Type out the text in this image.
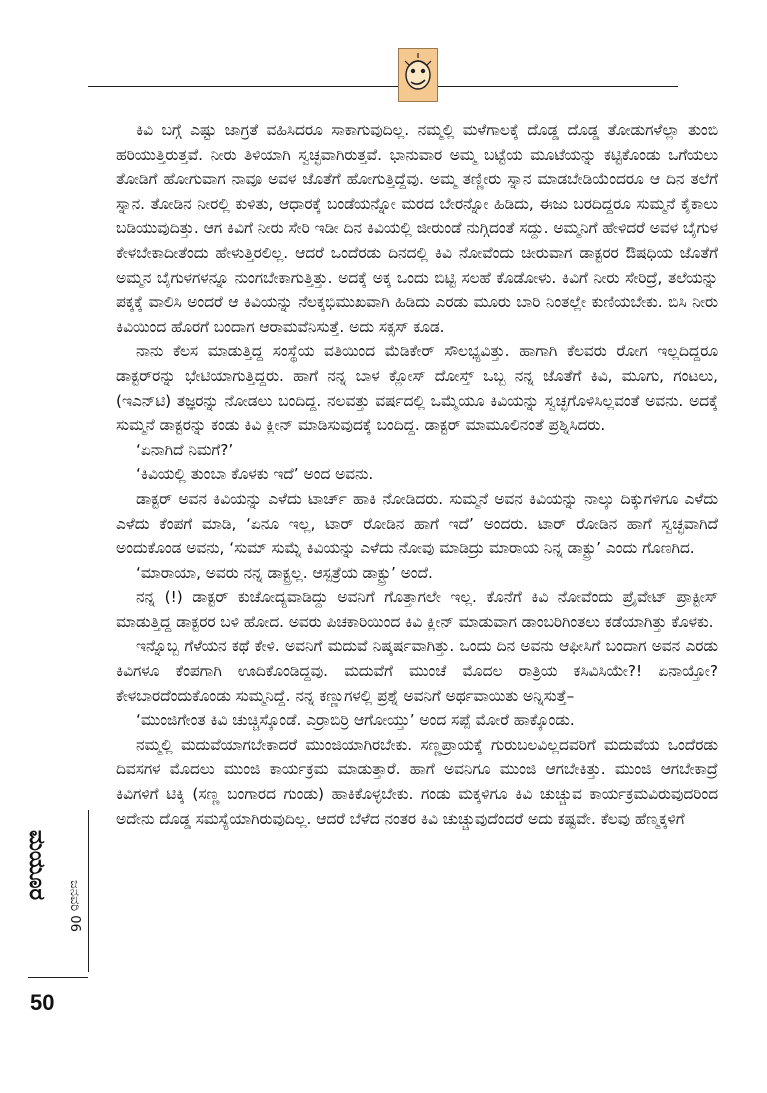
ಕಿವಿ ಬಗ್ಗೆ ಎಷ್ಟು ಜಾಗ್ರತೆ ವಹಿಸಿದರೂ ಸಾಕಾಗುವುದಿಲ್ಲ. ನಮ್ಮಲ್ಲಿ ಮಳೆಗಾಲಕ್ಕೆ ದೊಡ್ಡ ದೊಡ್ಡ ತೋಡುಗಳೆಲ್ಲಾ ತುಂಬಿ ಹರಿಯುತ್ತಿರುತ್ತವೆ. ನೀರು ತಿಳಿಯಾಗಿ ಸ್ವಚ್ಛವಾಗಿರುತ್ತವೆ. ಭಾನುವಾರ ಅಮ್ಮ ಬಟ್ಟೆಯ ಮೂಟೆಯನ್ನು ಕಟ್ಟಿಕೊಂಡು ಒಗೆಯಲು ತೋಡಿಗೆ ಹೋಗುವಾಗ ನಾವೂ ಅವಳ ಜೊತೆಗೆ ಹೋಗುತ್ತಿದ್ದೆವು. ಅಮ್ಮ ತಣ್ಣೀರು ಸ್ನಾನ ಮಾಡಬೇಡಿಯೆಂದರೂ ಆ ದಿನ ತಲೆಗೆ ಸ್ನಾನ. ತೋಡಿನ ನೀರಲ್ಲಿ ಕುಳಿತು, ಆಧಾರಕ್ಕೆ ಬಂಡೆಯನ್ನೋ ಮರದ ಬೇರನ್ನೋ ಹಿಡಿದು, ಈಜು ಬರದಿದ್ದರೂ ಸುಮ್ಮನೆ ಕೈಕಾಲು ಬಡಿಯುವುದಿತ್ತು. ಆಗ ಕಿವಿಗೆ ನೀರು ಸೇರಿ ಇಡೀ ದಿನ ಕಿವಿಯಲ್ಲಿ ಜೀರುಂಡೆ ನುಗ್ಗಿದಂತೆ ಸದ್ದು. ಅಮ್ಮನಿಗೆ ಹೇಳಿದರೆ ಅವಳ ಬೈಗುಳ ಕೇಳಬೇಕಾದೀತೆಂದು ಹೇಳುತ್ತಿರಲಿಲ್ಲ. ಆದರೆ ಒಂದೆರಡು ದಿನದಲ್ಲಿ ಕಿವಿ ನೋವೆಂದು ಚೀರುವಾಗ ಡಾಕ್ಟರರ ಔಷಧಿಯ ಜೊತೆಗೆ ಅಮ್ಮನ ಬೈಗುಳಗಳನ್ನೂ ನುಂಗಬೇಕಾಗುತ್ತಿತ್ತು. ಅದಕ್ಕೆ ಅಕ್ಕ ಒಂದು ಬಿಟ್ಟಿ ಸಲಹೆ ಕೊಡೋಳು. ಕಿವಿಗೆ ನೀರು ಸೇರಿದ್ರೆ, ತಲೆಯನ್ನು ಪಕ್ಕಕ್ಕೆ ವಾಲಿಸಿ ಅಂದರೆ ಆ ಕಿವಿಯನ್ನು ನೆಲಕ್ಕಭಿಮುಖವಾಗಿ ಹಿಡಿದು ಎರಡು ಮೂರು ಬಾರಿ ನಿಂತಲ್ಲೇ ಕುಣಿಯಬೇಕು. ಬಿಸಿ ನೀರು ಕಿವಿಯಿಂದ ಹೊರಗೆ ಬಂದಾಗ ಆರಾಮವೆನಿಸುತ್ತೆ. ಅದು ಸಕ್ಸಸ್ ಕೂಡ.

ನಾನು ಕೆಲಸ ಮಾಡುತ್ತಿದ್ದ ಸಂಸ್ಥೆಯ ವತಿಯಿಂದ ಮೆಡಿಕೇರ್ ಸೌಲಭ್ಯವಿತ್ತು. ಹಾಗಾಗಿ ಕೆಲವರು ರೋಗ ಇಲ್ಲದಿದ್ದರೂ ಡಾಕ್ಟರ್‌ರನ್ನು ಭೇಟಿಯಾಗುತ್ತಿದ್ದರು. ಹಾಗೆ ನನ್ನ ಬಾಳ ಕ್ಲೋಸ್ ದೋಸ್ತ್ ಒಬ್ಬ ನನ್ನ ಜೊತೆಗೆ ಕಿವಿ, ಮೂಗು, ಗಂಟಲು, (ಇಎನ್‌ಟಿ) ತಜ್ಞರನ್ನು ನೋಡಲು ಬಂದಿದ್ದ. ನಲವತ್ತು ವರ್ಷದಲ್ಲಿ ಒಮ್ಮೆಯೂ ಕಿವಿಯನ್ನು ಸ್ವಚ್ಛಗೊಳಿಸಿಲ್ಲವಂತೆ ಅವನು. ಅದಕ್ಕೆ ಸುಮ್ಮನೆ ಡಾಕ್ಟರನ್ನು ಕಂಡು ಕಿವಿ ಕ್ಲೀನ್ ಮಾಡಿಸುವುದಕ್ಕೆ ಬಂದಿದ್ದ. ಡಾಕ್ಟರ್ ಮಾಮೂಲಿನಂತೆ ಪ್ರಶ್ನಿಸಿದರು.

‘ಏನಾಗಿದೆ ನಿಮಗೆ?’

‘ಕಿವಿಯಲ್ಲಿ ತುಂಬಾ ಕೊಳಕು ಇದೆ’ ಅಂದ ಅವನು.

ಡಾಕ್ಟರ್ ಅವನ ಕಿವಿಯನ್ನು ಎಳೆದು ಟಾರ್ಚ್ ಹಾಕಿ ನೋಡಿದರು. ಸುಮ್ಮನೆ ಅವನ ಕಿವಿಯನ್ನು ನಾಲ್ಕು ದಿಕ್ಕುಗಳಿಗೂ ಎಳೆದು ಎಳೆದು ಕೆಂಪಗೆ ಮಾಡಿ, ‘ಏನೂ ಇಲ್ಲ, ಟಾರ್ ರೋಡಿನ ಹಾಗೆ ಇದೆ’ ಅಂದರು. ಟಾರ್ ರೋಡಿನ ಹಾಗೆ ಸ್ವಚ್ಛವಾಗಿದೆ ಅಂದುಕೊಂಡ ಅವನು, ‘ಸುಮ್ ಸುಮ್ನೆ ಕಿವಿಯನ್ನು ಎಳೆದು ನೋವು ಮಾಡಿದ್ರು ಮಾರಾಯ ನಿನ್ನ ಡಾಕ್ಟ್ರು’ ಎಂದು ಗೊಣಗಿದ.

‘ಮಾರಾಯಾ, ಅವರು ನನ್ನ ಡಾಕ್ಟ್ರಲ್ಲ. ಆಸ್ಪತ್ರೆಯ ಡಾಕ್ಟ್ರು’ ಅಂದೆ.

ನನ್ನ (!) ಡಾಕ್ಟರ್ ಕುಚೋದ್ಯವಾಡಿದ್ದು ಅವನಿಗೆ ಗೊತ್ತಾಗಲೇ ಇಲ್ಲ. ಕೊನೆಗೆ ಕಿವಿ ನೋವೆಂದು ಪ್ರೈವೇಟ್ ಪ್ರಾಕ್ಟೀಸ್ ಮಾಡುತ್ತಿದ್ದ ಡಾಕ್ಟರರ ಬಳಿ ಹೋದ. ಅವರು ಪಿಚಕಾರಿಯಿಂದ ಕಿವಿ ಕ್ಲೀನ್ ಮಾಡುವಾಗ ಡಾಂಬರಿಗಿಂತಲು ಕಡೆಯಾಗಿತ್ತು ಕೊಳಕು.

ಇನ್ನೊಬ್ಬ ಗೆಳೆಯನ ಕಥೆ ಕೇಳಿ. ಅವನಿಗೆ ಮದುವೆ ನಿಷ್ಕರ್ಷವಾಗಿತ್ತು. ಒಂದು ದಿನ ಅವನು ಆಫೀಸಿಗೆ ಬಂದಾಗ ಅವನ ಎರಡು ಕಿವಿಗಳೂ ಕೆಂಪಗಾಗಿ ಊದಿಕೊಂಡಿದ್ದವು. ಮದುವೆಗೆ ಮುಂಚೆ ಮೊದಲ ರಾತ್ರಿಯ ಕಸಿವಿಸಿಯೇ?! ಏನಾಯ್ತೋ? ಕೇಳಬಾರದೆಂದುಕೊಂಡು ಸುಮ್ಮನಿದ್ದೆ. ನನ್ನ ಕಣ್ಣುಗಳಲ್ಲಿ ಪ್ರಶ್ನೆ ಅವನಿಗೆ ಅರ್ಥವಾಯಿತು ಅನ್ನಿಸುತ್ತೆ–

‘ಮುಂಜಿಗೇಂತ ಕಿವಿ ಚುಚ್ಚಿಸ್ಕೊಂಡೆ. ಎರ‍್ರಾಬಿರ‍್ರಿ ಆಗೋಯ್ತು’ ಅಂದ ಸಪ್ಪೆ ಮೋರೆ ಹಾಕ್ಕೊಂಡು.

ನಮ್ಮಲ್ಲಿ ಮದುವೆಯಾಗಬೇಕಾದರೆ ಮುಂಜಿಯಾಗಿರಬೇಕು. ಸಣ್ಣಪ್ರಾಯಕ್ಕೆ ಗುರುಬಲವಿಲ್ಲದವರಿಗೆ ಮದುವೆಯ ಒಂದೆರಡು ದಿವಸಗಳ ಮೊದಲು ಮುಂಜಿ ಕಾರ್ಯಕ್ರಮ ಮಾಡುತ್ತಾರೆ. ಹಾಗೆ ಅವನಿಗೂ ಮುಂಜಿ ಆಗಬೇಕಿತ್ತು. ಮುಂಜಿ ಆಗಬೇಕಾದ್ರೆ ಕಿವಿಗಳಿಗೆ ಟಿಕ್ಕಿ (ಸಣ್ಣ ಬಂಗಾರದ ಗುಂಡು) ಹಾಕಿಕೊಳ್ಳಬೇಕು. ಗಂಡು ಮಕ್ಕಳಿಗೂ ಕಿವಿ ಚುಚ್ಚುವ ಕಾರ್ಯಕ್ರಮವಿರುವುದರಿಂದ ಅದೇನು ದೊಡ್ಡ ಸಮಸ್ಯೆಯಾಗಿರುವುದಿಲ್ಲ. ಆದರೆ ಬೆಳೆದ ನಂತರ ಕಿವಿ ಚುಚ್ಚುವುದೆಂದರೆ ಅದು ಕಷ್ಟವೇ. ಕೆಲವು ಹೆಣ್ಮಕ್ಕಳಿಗೆ

ಮಯೂರ
ಜನವರಿ 06
50
